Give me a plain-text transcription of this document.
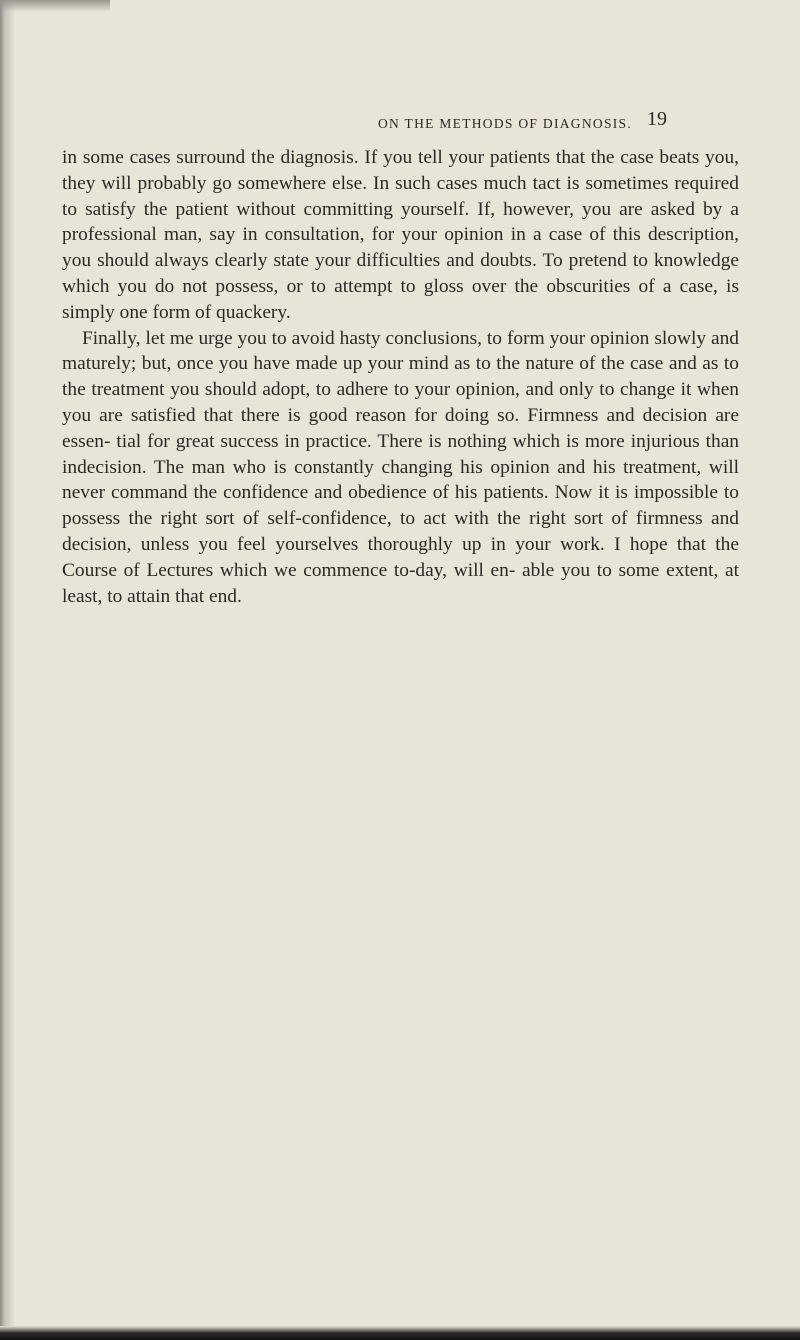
ON THE METHODS OF DIAGNOSIS. 19

in some cases surround the diagnosis. If you tell your patients that the case beats you, they will probably go somewhere else. In such cases much tact is sometimes required to satisfy the patient without committing yourself. If, however, you are asked by a professional man, say in consultation, for your opinion in a case of this description, you should always clearly state your difficulties and doubts. To pretend to knowledge which you do not possess, or to attempt to gloss over the obscurities of a case, is simply one form of quackery.

Finally, let me urge you to avoid hasty conclusions, to form your opinion slowly and maturely; but, once you have made up your mind as to the nature of the case and as to the treatment you should adopt, to adhere to your opinion, and only to change it when you are satisfied that there is good reason for doing so. Firmness and decision are essen- tial for great success in practice. There is nothing which is more injurious than indecision. The man who is constantly changing his opinion and his treatment, will never command the confidence and obedience of his patients. Now it is impossible to possess the right sort of self-confidence, to act with the right sort of firmness and decision, unless you feel yourselves thoroughly up in your work. I hope that the Course of Lectures which we commence to-day, will en- able you to some extent, at least, to attain that end.
